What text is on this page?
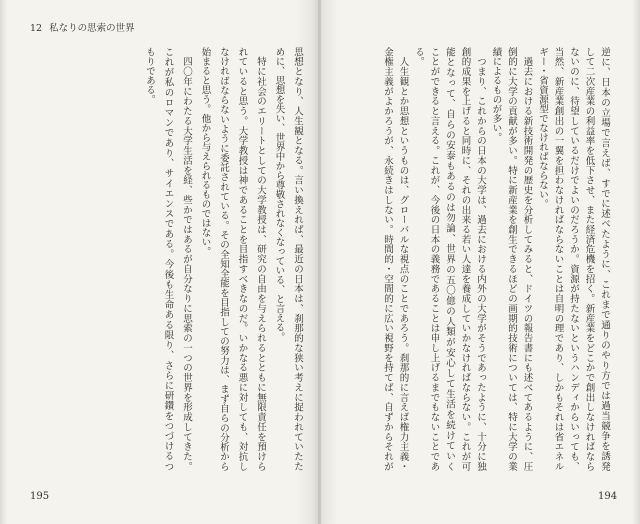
12 私なりの思索の世界
195	194
逆に、日本の立場で言えば、すでに述べたように、これまで通りのやり方では過当競争を誘発
して二次産業の利益率を低下させ、また経済危機を招く。新産業をどこかで創出しなければなら
ないのに、待望しているだけでよいのだろうか。資源が持たないというハンディからいっても、
当然、新産業創出の一翼を担わなければならないことは自明の理であり、しかもそれは省エネル
ギー・省資源型でなければならない。
　過去における新技術開発の歴史を分析してみると、ドイツの報告書にも述べてあるように、圧
倒的に大学の貢献が多い。特に新産業を創生できるほどの画期的技術については、特に大学の業
績によるものが多い。
　つまり、これからの日本の大学は、過去における内外の大学がそうであったように、十分に独
創的成果を上げると同時に、それの出来る若い人達を養成していかなければならない。これが可
能となって、自らの安泰もあるのは勿論、世界の五〇億の人類が安心して生活を続けていく
ことができると言える。これが、今後の日本の義務であることは申し上げるまでもないことであ
る。
　人生観とか思想というものは、グローバルな視点のことであろう。刹那的に言えば権力主義・
金権主義がよかろうが、永続きはしない。時間的・空間的に広い視野を持てば、自ずからそれが
思想となり、人生観となる。言い換えれば、最近の日本は、刹那的な狭い考えに捉われていたた
めに、思想を失い、世界中から尊敬されなくなっている、と言える。
　特に社会のエリートとしての大学教授は、研究の自由を与えられるとともに無限責任を預けら
れていると思う。大学教授は神であることを目指すべきなのだ。いかなる悪に対しても、対抗し
なければならないように委託されている。その全知全能を目指しての努力は、まず自らの分析から
始まると思う。他から与えられるものではない。
　四〇年にわたる大学生活を経、些かではあるが自分なりに思索の一つの世界を形成してきた。
これが私のロマンであり、サイエンスである。今後も生命ある限り、さらに研鑽をつづけるつ
もりである。
